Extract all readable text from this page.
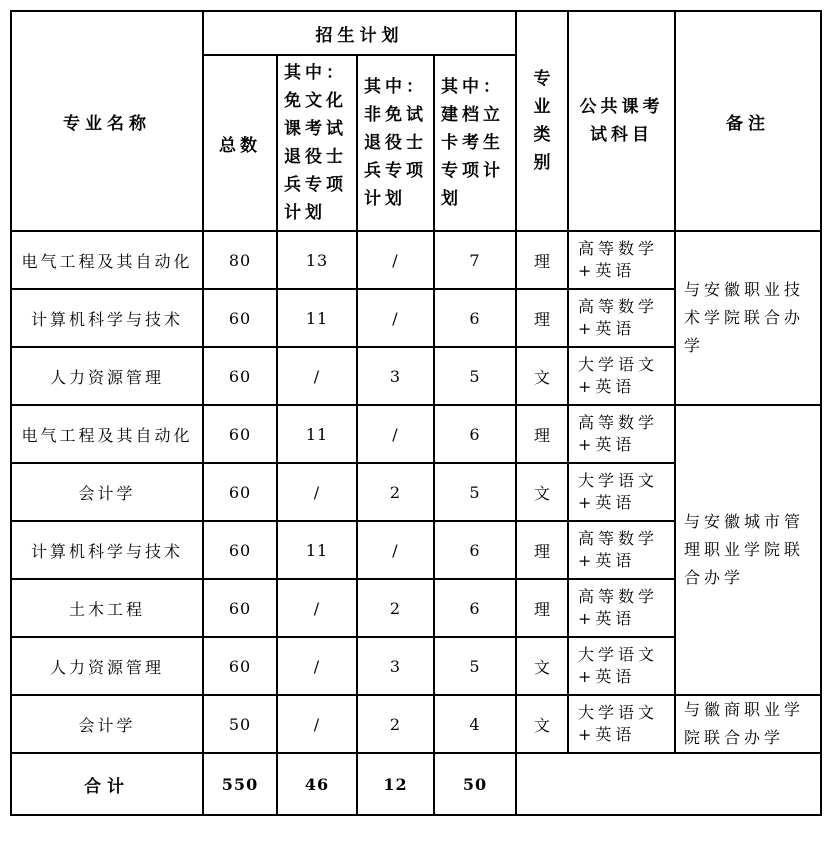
专业名称	招生计划				专业类别	公共课考试科目	备注
	总数	其中：免文化课考试退役士兵专项计划	其中：非免试退役士兵专项计划	其中：建档立卡考生专项计划			
电气工程及其自动化	80	13	/	7	理	高等数学
+英语	与安徽职业技术学院联合办学
计算机科学与技术	60	11	/	6	理	高等数学
+英语	

人力资源管理	60	/	3	5	文	大学语文
+英语	

电气工程及其自动化	60	11	/	6	理	高等数学
+英语	与安徽城市管理职业学院联合办学
会计学	60	/	2	5	文	大学语文
+英语	

计算机科学与技术	60	11	/	6	理	高等数学
+英语	

土木工程	60	/	2	6	理	高等数学
+英语	

人力资源管理	60	/	3	5	文	大学语文
+英语	

会计学	50	/	2	4	文	大学语文
+英语	与徽商职业学院联合办学
合计	550	46	12	50			
